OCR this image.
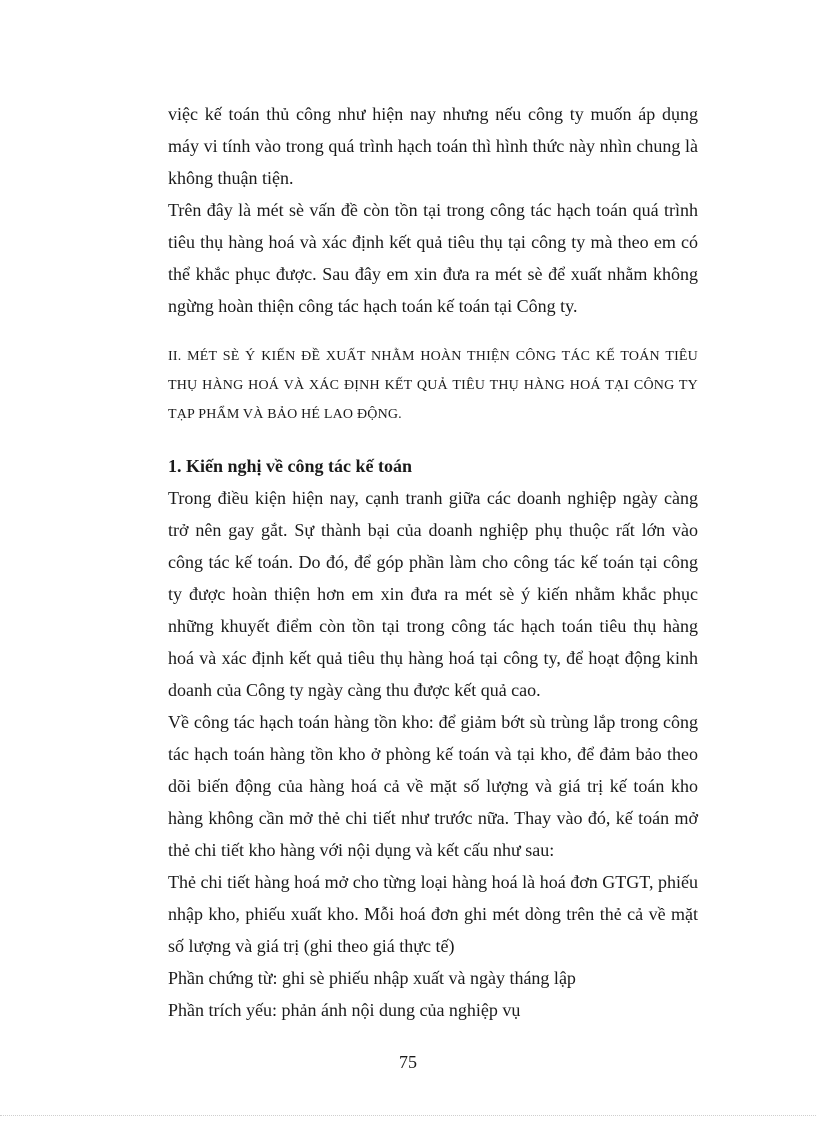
việc kế toán thủ công như hiện nay nhưng nếu công ty muốn áp dụng máy vi tính vào trong quá trình hạch toán thì hình thức này nhìn chung là không thuận tiện.

Trên đây là mét sè vấn đề còn tồn tại trong công tác hạch toán quá trình tiêu thụ hàng hoá và xác định kết quả tiêu thụ tại công ty mà theo em có thể khắc phục được. Sau đây em xin đưa ra mét sè để xuất nhằm không ngừng hoàn thiện công tác hạch toán kế toán tại Công ty.

II. MÉT SÈ Ý KIẾN ĐỀ XUẤT NHẰM HOÀN THIỆN CÔNG TÁC KẾ TOÁN TIÊU THỤ HÀNG HOÁ VÀ XÁC ĐỊNH KẾT QUẢ TIÊU THỤ HÀNG HOÁ TẠI CÔNG TY TẠP PHẨM VÀ BẢO HÉ LAO ĐỘNG.

1. Kiến nghị về công tác kế toán

Trong điều kiện hiện nay, cạnh tranh giữa các doanh nghiệp ngày càng trở nên gay gắt. Sự thành bại của doanh nghiệp phụ thuộc rất lớn vào công tác kế toán. Do đó, để góp phần làm cho công tác kế toán tại công ty được hoàn thiện hơn em xin đưa ra mét sè ý kiến nhằm khắc phục những khuyết điểm còn tồn tại trong công tác hạch toán tiêu thụ hàng hoá và xác định kết quả tiêu thụ hàng hoá tại công ty, để hoạt động kinh doanh của Công ty ngày càng thu được kết quả cao.

Về công tác hạch toán hàng tồn kho: để giảm bớt sù trùng lắp trong công tác hạch toán hàng tồn kho ở phòng kế toán và tại kho, để đảm bảo theo dõi biến động của hàng hoá cả về mặt số lượng và giá trị kế toán kho hàng không cần mở thẻ chi tiết như trước nữa. Thay vào đó, kế toán mở thẻ chi tiết kho hàng với nội dụng và kết cấu như sau:

Thẻ chi tiết hàng hoá mở cho từng loại hàng hoá là hoá đơn GTGT, phiếu nhập kho, phiếu xuất kho. Mỗi hoá đơn ghi mét dòng trên thẻ cả về mặt số lượng và giá trị (ghi theo giá thực tế)

Phần chứng từ: ghi sè phiếu nhập xuất và ngày tháng lập

Phần trích yếu: phản ánh nội dung của nghiệp vụ

75
